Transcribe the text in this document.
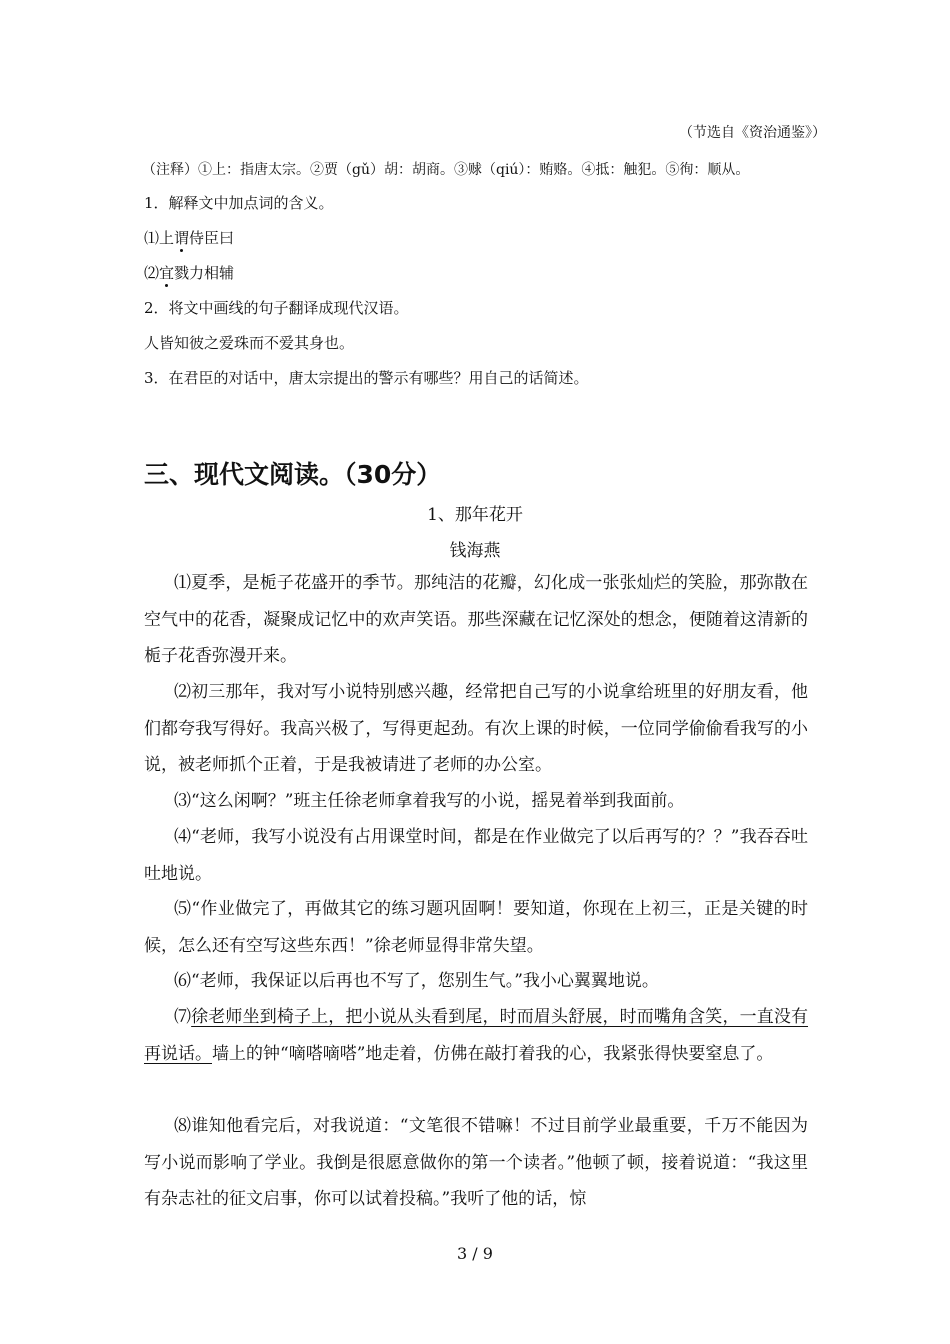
（节选自《资治通鉴》）
（注释）①上：指唐太宗。②贾（gǔ）胡：胡商。③赇（qiú）：贿赂。④抵：触犯。⑤徇：顺从。
1．解释文中加点词的含义。
⑴上谓侍臣曰
⑵宜戮力相辅
2．将文中画线的句子翻译成现代汉语。
人皆知彼之爱珠而不爱其身也。
3．在君臣的对话中，唐太宗提出的警示有哪些？用自己的话简述。
三、现代文阅读。（30分）
1、那年花开
钱海燕
⑴夏季，是栀子花盛开的季节。那纯洁的花瓣，幻化成一张张灿烂的笑脸，那弥散在空气中的花香，凝聚成记忆中的欢声笑语。那些深藏在记忆深处的想念，便随着这清新的栀子花香弥漫开来。
⑵初三那年，我对写小说特别感兴趣，经常把自己写的小说拿给班里的好朋友看，他们都夸我写得好。我高兴极了，写得更起劲。有次上课的时候，一位同学偷偷看我写的小说，被老师抓个正着，于是我被请进了老师的办公室。
⑶“这么闲啊？”班主任徐老师拿着我写的小说，摇晃着举到我面前。
⑷“老师，我写小说没有占用课堂时间，都是在作业做完了以后再写的？？”我吞吞吐吐地说。
⑸“作业做完了，再做其它的练习题巩固啊！要知道，你现在上初三，正是关键的时候，怎么还有空写这些东西！”徐老师显得非常失望。
⑹“老师，我保证以后再也不写了，您别生气。”我小心翼翼地说。
⑺徐老师坐到椅子上，把小说从头看到尾，时而眉头舒展，时而嘴角含笑，一直没有再说话。墙上的钟“嘀嗒嘀嗒”地走着，仿佛在敲打着我的心，我紧张得快要窒息了。
⑻谁知他看完后，对我说道：“文笔很不错嘛！不过目前学业最重要，千万不能因为写小说而影响了学业。我倒是很愿意做你的第一个读者。”他顿了顿，接着说道：“我这里有杂志社的征文启事，你可以试着投稿。”我听了他的话，惊
3 / 9
